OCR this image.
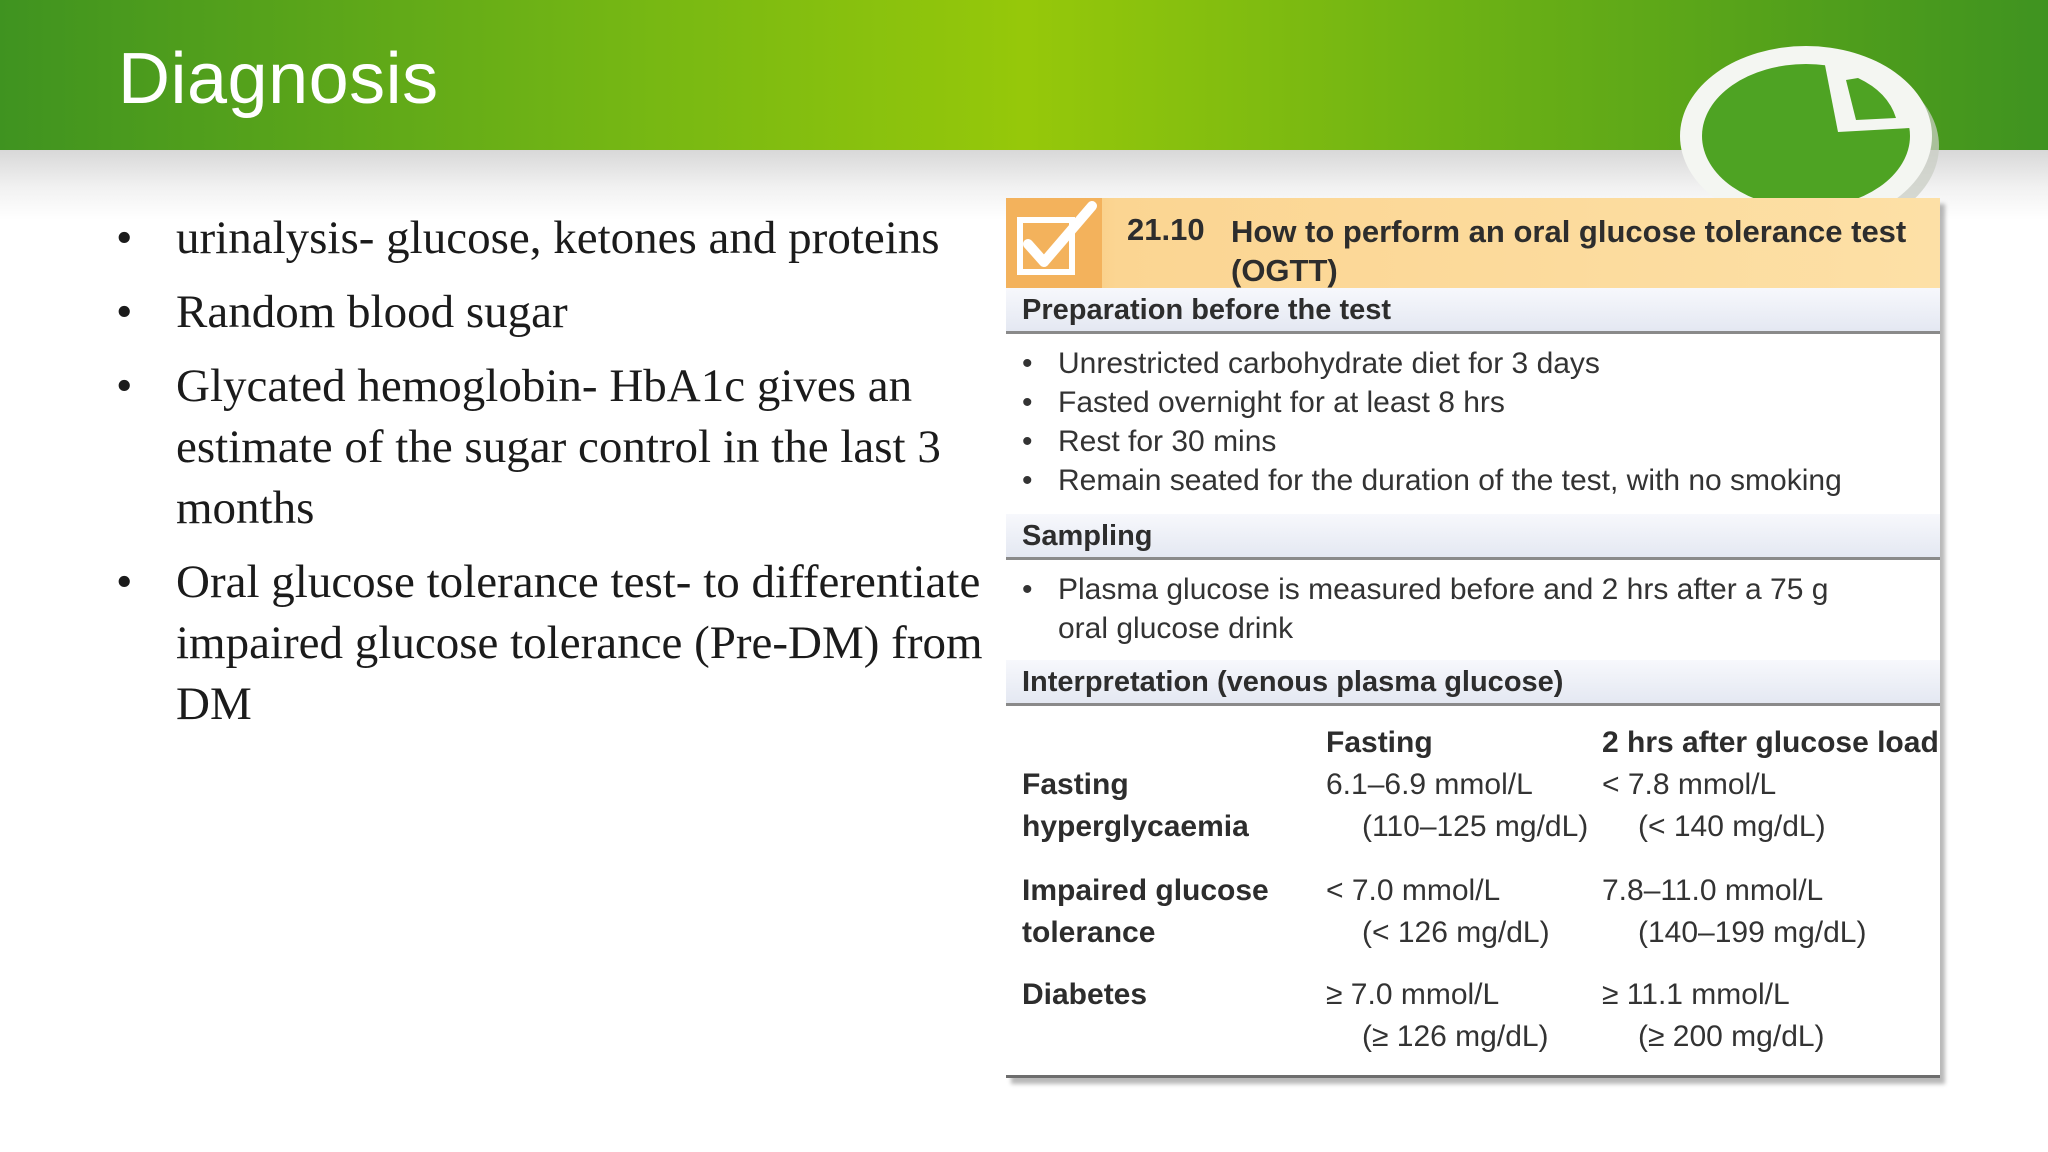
Diagnosis
• urinalysis- glucose, ketones and proteins
• Random blood sugar
• Glycated hemoglobin- HbA1c gives an estimate of the sugar control in the last 3 months
• Oral glucose tolerance test- to differentiate impaired glucose tolerance (Pre-DM) from DM
21.10 How to perform an oral glucose tolerance test (OGTT)
Preparation before the test
• Unrestricted carbohydrate diet for 3 days
• Fasted overnight for at least 8 hrs
• Rest for 30 mins
• Remain seated for the duration of the test, with no smoking
Sampling
• Plasma glucose is measured before and 2 hrs after a 75 g oral glucose drink
Interpretation (venous plasma glucose)
Fasting	2 hrs after glucose load
Fasting
hyperglycaemia
6.1–6.9 mmol/L
(110–125 mg/dL)
< 7.8 mmol/L
(< 140 mg/dL)
Impaired glucose
tolerance
< 7.0 mmol/L
(< 126 mg/dL)
7.8–11.0 mmol/L
(140–199 mg/dL)
Diabetes	≥ 7.0 mmol/L
(≥ 126 mg/dL)
≥ 11.1 mmol/L
(≥ 200 mg/dL)
